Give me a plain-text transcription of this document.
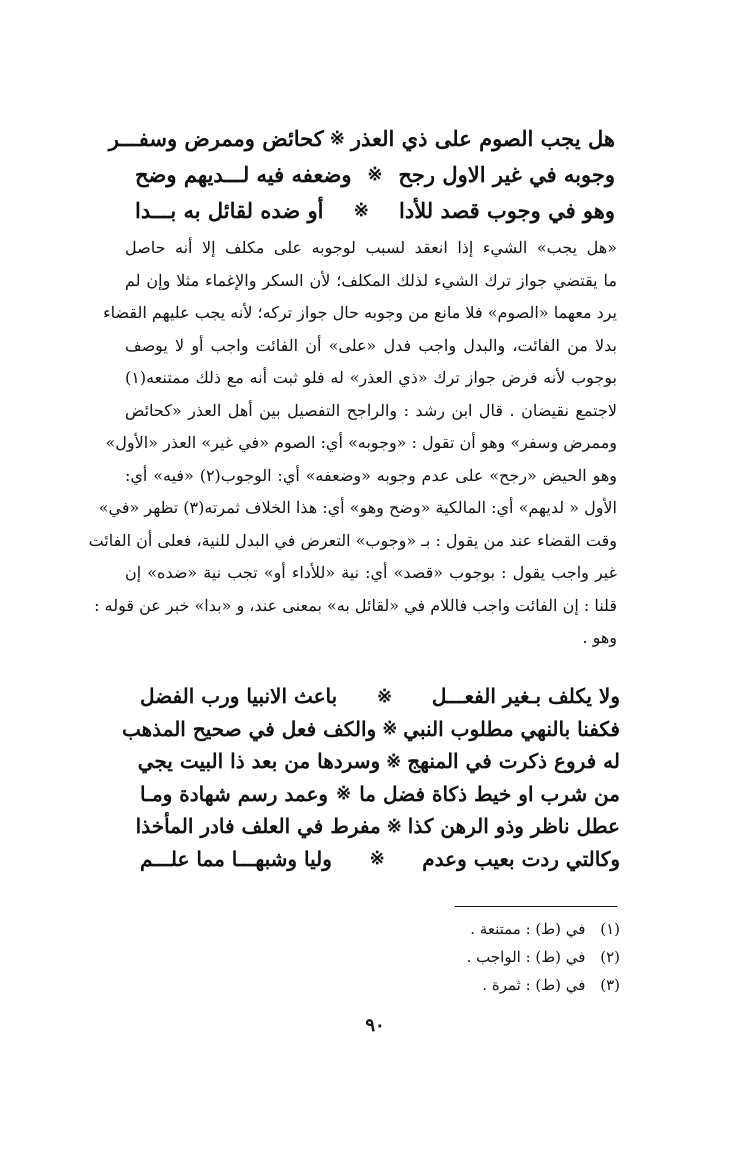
هل يجب الصوم على ذي العذر
※
كحائض وممرض وسفـــر
وجوبه في غير الاول رجح
※
وضعفه فيه لـــديهم وضح
وهو في وجوب قصد للأدا
※
أو ضده لقائل به بـــدا
«هل يجب» الشيء إذا انعقد لسبب لوجوبه على مكلف إلا أنه حاصل
ما يقتضي جواز ترك الشيء لذلك المكلف؛ لأن السكر والإغماء مثلا وإن لم
يرد معهما «الصوم» فلا مانع من وجوبه حال جواز تركه؛ لأنه يجب عليهم القضاء
بدلا من الفائت، والبدل واجب فدل «على» أن الفائت واجب أو لا يوصف
بوجوب لأنه فرض جواز ترك «ذي العذر» له فلو ثبت أنه مع ذلك ممتنعه(١)
لاجتمع نقيضان . قال ابن رشد : والراجح التفصيل بين أهل العذر «كحائض
وممرض وسفر» وهو أن تقول : «وجوبه» أي: الصوم «في غير» العذر «الأول»
وهو الحيض «رجح» على عدم وجوبه «وضعفه» أي: الوجوب(٢) «فيه» أي:
الأول « لديهم» أي: المالكية «وضح وهو» أي: هذا الخلاف ثمرته(٣) تظهر «في»
وقت القضاء عند من يقول : بـ «وجوب» التعرض في البدل للنية، فعلى أن الفائت
غير واجب يقول : بوجوب «قصد» أي: نية «للأداء أو» تجب نية «ضده» إن
قلنا : إن الفائت واجب فاللام في «لقائل به» بمعنى عند، و «بدا» خبر عن قوله :
وهو .
ولا يكلف بـغير الفعـــل
※
باعث الانبيا ورب الفضل
فكفنا بالنهي مطلوب النبي
※
والكف فعل في صحيح المذهب
له فروع ذكرت في المنهج
※
وسردها من بعد ذا البيت يجي
من شرب او خيط ذكاة فضل ما
※
وعمد رسم شهادة ومـا
عطل ناظر وذو الرهن كذا
※
مفرط في العلف فادر المأخذا
وكالتي ردت بعيب وعدم
※
وليا وشبهـــا مما علـــم
(١) في (ط) : ممتنعة .
(٢) في (ط) : الواجب .
(٣) في (ط) : ثمرة .
٩٠
